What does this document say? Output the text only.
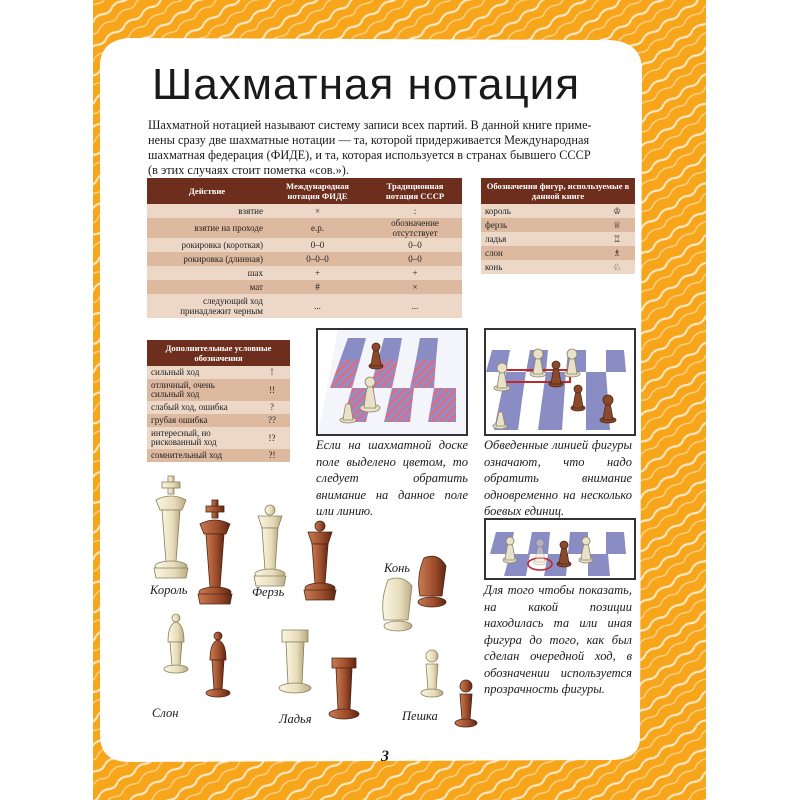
Шахматная нотация

Шахматной нотацией называют систему записи всех партий. В данной книге приме-

нены сразу две шахматные нотации — та, которой придерживается Международная

шахматная федерация (ФИДЕ), и та, которая используется в странах бывшего СССР

(в этих случаях стоит пометка «сов.»).

Действие	Международная нотация ФИДЕ	Традиционная нотация СССР
взятие	×	:
взятие на проходе	е.р.	обозначение отсутствует
рокировка (короткая)	0–0	0–0
рокировка (длинная)	0–0–0	0–0
шах	+	+
мат	#	×
следующий ход принадлежит черным	...	...
Обозначения фигур, используемые в данной книге	
король	♔
ферзь	♕
ладья	♖
слон	♗
конь	♘
Дополнительные условные обозначения	
сильный ход	!
отличный, очень сильный ход	!!
слабый ход, ошибка	?
грубая ошибка	??
интересный, но рискованный ход	!?
сомнительный ход	?!
Если на шахматной доске поле выделено цветом, то следует обратить внимание на данное поле или линию.
Обведенные линией фигуры означают, что надо обратить внимание одновременно на несколько боевых единиц.
Для того чтобы показать, на какой позиции находилась та или иная фигура до того, как был сделан очередной ход, в обозначении используется прозрачность фигуры.
Король	Ферзь
Конь
Слон	Ладья	Пешка
3
